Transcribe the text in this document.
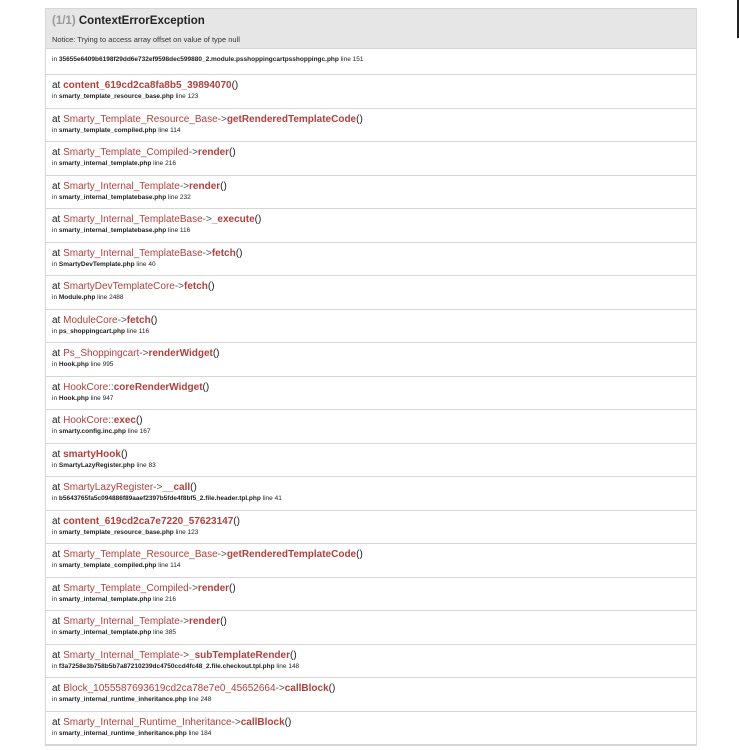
(1/1) ContextErrorException
Notice: Trying to access array offset on value of type null
in 35655e6409b6198f29dd6e732ef9598dec599880_2.module.psshoppingcartpsshoppingc.php line 151
at content_619cd2ca8fa8b5_39894070()
in smarty_template_resource_base.php line 123
at Smarty_Template_Resource_Base->getRenderedTemplateCode()
in smarty_template_compiled.php line 114
at Smarty_Template_Compiled->render()
in smarty_internal_template.php line 216
at Smarty_Internal_Template->render()
in smarty_internal_templatebase.php line 232
at Smarty_Internal_TemplateBase->_execute()
in smarty_internal_templatebase.php line 116
at Smarty_Internal_TemplateBase->fetch()
in SmartyDevTemplate.php line 40
at SmartyDevTemplateCore->fetch()
in Module.php line 2488
at ModuleCore->fetch()
in ps_shoppingcart.php line 116
at Ps_Shoppingcart->renderWidget()
in Hook.php line 995
at HookCore::coreRenderWidget()
in Hook.php line 947
at HookCore::exec()
in smarty.config.inc.php line 167
at smartyHook()
in SmartyLazyRegister.php line 83
at SmartyLazyRegister->__call()
in b5643765fa5c094886f89aaef2397b5fde4f8bf5_2.file.header.tpl.php line 41
at content_619cd2ca7e7220_57623147()
in smarty_template_resource_base.php line 123
at Smarty_Template_Resource_Base->getRenderedTemplateCode()
in smarty_template_compiled.php line 114
at Smarty_Template_Compiled->render()
in smarty_internal_template.php line 216
at Smarty_Internal_Template->render()
in smarty_internal_template.php line 385
at Smarty_Internal_Template->_subTemplateRender()
in f3a7258e3b758b5b7a87210239dc4750ccd4fc48_2.file.checkout.tpl.php line 148
at Block_1055587693619cd2ca78e7e0_45652664->callBlock()
in smarty_internal_runtime_inheritance.php line 248
at Smarty_Internal_Runtime_Inheritance->callBlock()
in smarty_internal_runtime_inheritance.php line 184
